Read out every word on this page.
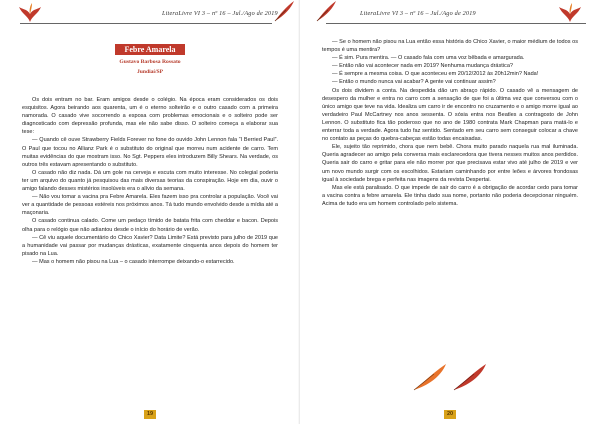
LiteraLivre VI 3 – nº 16 – Jul./Ago de 2019
Febre Amarela
Gustavo Barbosa Rossato
Jundiaí/SP

Os dois entram no bar. Eram amigos desde o colégio. Na época eram considerados os dois esquisitos. Agora beirando aos quarenta, um é o eterno solteirão e o outro casado com a primeira namorada. O casado vive socorrendo a esposa com problemas emocionais e o solteiro pode ser diagnosticado com depressão profunda, mas ele não sabe disso. O solteiro começa a elaborar sua tese:

— Quando cê ouve Strawberry Fields Forever no fone do ouvido John Lennon fala “I Berried Paul”. O Paul que tocou no Allianz Park é o substituto do original que morreu num acidente de carro. Tem muitas evidências do que mostram isso. No Sgt. Peppers eles introduzem Billy Shears. Na verdade, os outros três estavam apresentando o substituto.

O casado não diz nada. Dá um gole na cerveja e escuta com muito interesse. No colegial poderia ter um arquivo do quanto já pesquisou das mais diversas teorias da conspiração. Hoje em dia, ouvir o amigo falando desses mistérios insolúveis era o alívio da semana.

— Não vou tomar a vacina pra Febre Amarela. Eles fazem isso pra controlar a população. Você vai ver a quantidade de pessoas estéreis nos próximos anos. Tá tudo mundo envolvido desde a mídia até a maçonaria.

O casado continua calado. Come um pedaço tímido de batata frita com cheddar e bacon. Depois olha para o relógio que não adiantou desde o início do horário de verão.

— Cê viu aquele documentário do Chico Xavier? Data Limite? Está previsto para julho de 2019 que a humanidade vai passar por mudanças drásticas, exatamente cinquenta anos depois do homem ter pisado na Lua.

— Mas o homem não pisou na Lua – o casado interrompe deixando-o estarrecido.

19
LiteraLivre VI 3 – nº 16 – Jul./Ago de 2019

— Se o homem não pisou na Lua então essa história do Chico Xavier, o maior médium de todos os tempos é uma mentira?

— É sim. Pura mentira. — O casado fala com uma voz bêbada e amargurada.

— Então não vai acontecer nada em 2019? Nenhuma mudança drástica?

— É sempre a mesma coisa. O que aconteceu em 20/12/2012 às 20h12min? Nada!

— Então o mundo nunca vai acabar? A gente vai continuar assim?

Os dois dividem a conta. Na despedida dão um abraço rápido. O casado vê a mensagem de desespero da mulher e entra no carro com a sensação de que foi a última vez que conversou com o único amigo que teve na vida. Idealiza um carro ir de encontro no cruzamento e o amigo morre igual ao verdadeiro Paul McCartney nos anos sessenta. O sósia entra nos Beatles a contragosto de John Lennon. O substituto fica tão poderoso que no ano de 1980 contrata Mark Chapman para matá-lo e enterrar toda a verdade. Agora tudo faz sentido. Sentado em seu carro sem conseguir colocar a chave no contato as peças do quebra-cabeças estão todas encaixadas.

Ele, sujeito tão reprimido, chora que nem bebê. Chora muito parado naquela rua mal iluminada. Queria agradecer ao amigo pela conversa mais esclarecedora que tivera nesses muitos anos perdidos. Queria sair do carro e gritar para ele não morrer por que precisava estar vivo até julho de 2019 e ver um novo mundo surgir com os escolhidos. Estariam caminhando por entre leões e árvores frondosas igual à sociedade brega e perfeita nas imagens da revista Despertai.

Mas ele está paralisado. O que impede de sair do carro é a obrigação de acordar cedo para tomar a vacina contra a febre amarela. Ele tinha dado sua nome, portanto não poderia decepcionar ninguém. Acima de tudo era um homem controlado pelo sistema.

20
